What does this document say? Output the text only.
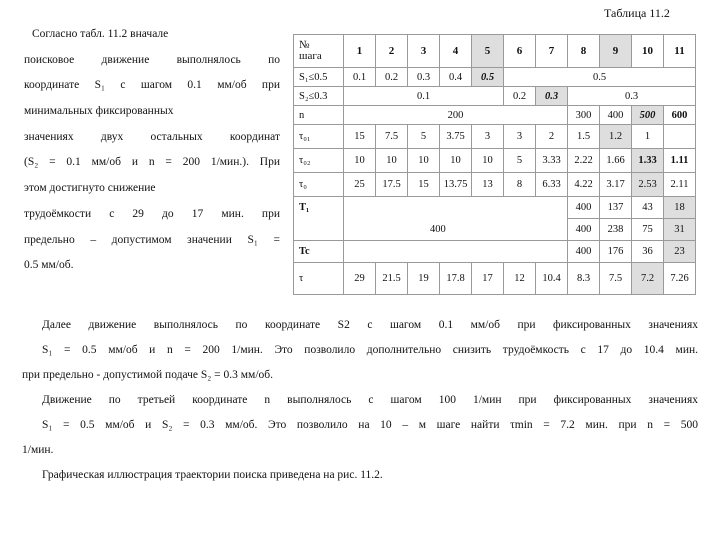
Таблица 11.2
Согласно табл. 11.2 вначале
поисковое движение выполнялось по
координате S₁ с шагом 0.1 мм/об при
минимальных фиксированных
значениях двух остальных координат
(S₂ = 0.1 мм/об и n = 200 1/мин.). При
этом достигнуто снижение
трудоёмкости с 29 до 17 мин. при
предельно – допустимом значении S₁ =
0.5 мм/об.
№
шага	1	2	3	4	5	6	7	8	9	10	11	
S₁≤0.5	0.1	0.2	0.3	0.4	0.5	0.5						
S₂≤0.3	0.1					0.2	0.3	0.3				
n	200							300	400	500	600	
τ₀₁	15	7.5	5	3.75	3	3	2	1.5	1.2	1		
τ₀₂	10	10	10	10	10	5	3.33	2.22	1.66	1.33	1.11	
τ₀	25	17.5	15	13.75	13	8	6.33	4.22	3.17	2.53	2.11	
T₁								400	137	43	18	
	400							400	238	75	31	
Tc								400	176	36	23	
τ	29	21.5	19	17.8	17	12	10.4	8.3	7.5	7.2	7.26	
Далее движение выполнялось по координате S2 с шагом 0.1 мм/об при фиксированных значениях
S₁ = 0.5 мм/об и n = 200 1/мин. Это позволило дополнительно снизить трудоёмкость с 17 до 10.4 мин.
при предельно - допустимой подаче S₂ = 0.3 мм/об.
Движение по третьей координате n выполнялось с шагом 100 1/мин при фиксированных значениях
S₁ = 0.5 мм/об и S₂ = 0.3 мм/об. Это позволило на 10 – м шаге найти τmin = 7.2 мин. при n = 500
1/мин.
Графическая иллюстрация траектории поиска приведена на рис. 11.2.
